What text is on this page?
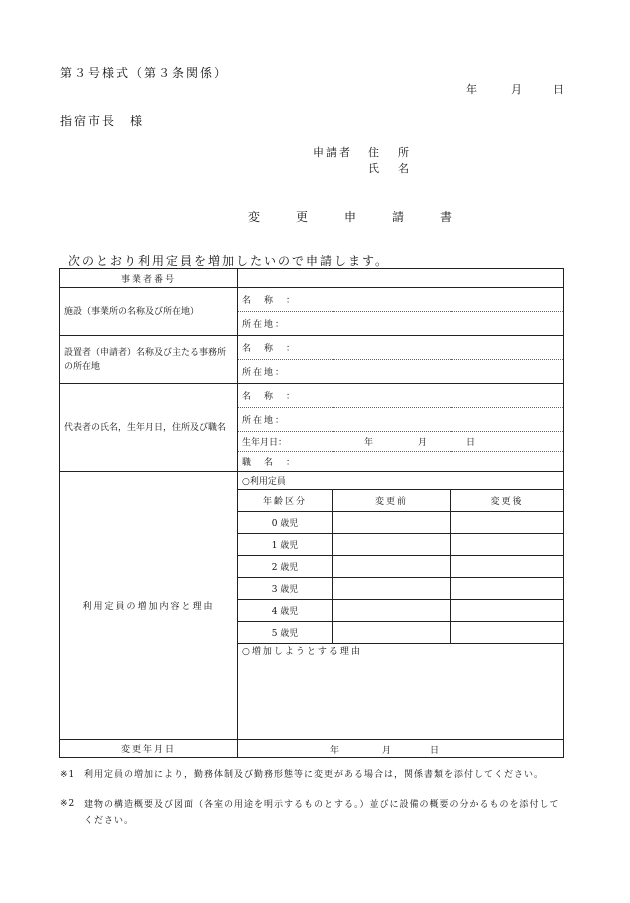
第３号様式（第３条関係）
年	月	日
指宿市長　様
申請者 住　所
氏　名
変　更　申　請　書
次のとおり利用定員を増加したいので申請します。
事業者番号			

施設（事業所の名称及び所在地）	名　称　：		
	所在地：		
設置者（申請者）名称及び主たる事務所の所在地	名　称　：		
	所在地：		
代表者の氏名，生年月日，住所及び職名	名　称　：		
	所在地：		
	生年月日： 年 月 日		

	職　名　：		
利用定員の増加内容と理由	○利用定員		
	年齢区分	変更前	変更後
	0 歳児		
	1 歳児		
	2 歳児		
	3 歳児		
	4 歳児		
	5 歳児		
	○増加しようとする理由		

変更年月日	年 月 日		
※1 利用定員の増加により，勤務体制及び勤務形態等に変更がある場合は，関係書類を添付してください。
※2 建物の構造概要及び図面（各室の用途を明示するものとする。）並びに設備の概要の分かるものを添付してください。
